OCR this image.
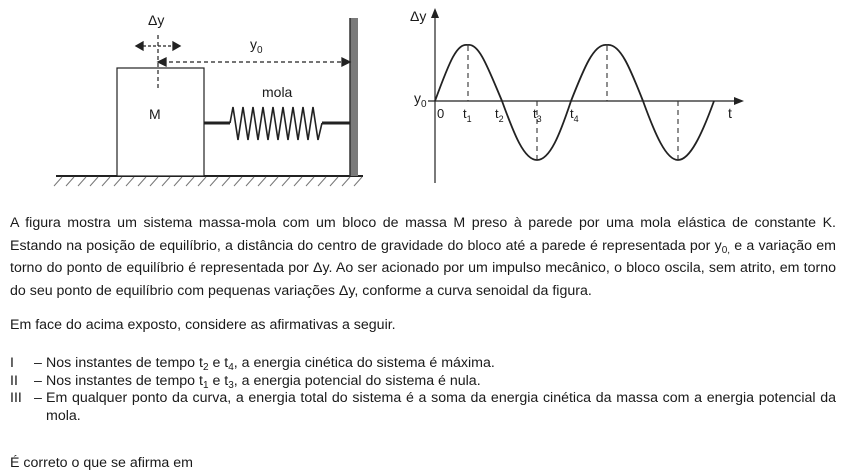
M
mola
Δy
$y_0$
Δy
t
$y_0$
0 $t_1$ $t_2$ $t_3$ $t_4$

A figura mostra um sistema massa-mola com um bloco de massa M preso à parede por uma mola elástica de constante K. Estando na posição de equilíbrio, a distância do centro de gravidade do bloco até a parede é representada por $y_{0,}$ e a variação em torno do ponto de equilíbrio é representada por Δy. Ao ser acionado por um impulso mecânico, o bloco oscila, sem atrito, em torno do seu ponto de equilíbrio com pequenas variações Δy, conforme a curva senoidal da figura.

Em face do acima exposto, considere as afirmativas a seguir.

I	– Nos instantes de tempo $t_2$ e $t_4$, a energia cinética do sistema é máxima.
II	– Nos instantes de tempo $t_1$ e $t_3$, a energia potencial do sistema é nula.
III – Em qualquer ponto da curva, a energia total do sistema é a soma da energia cinética da massa com a energia potencial da mola.

É correto o que se afirma em
